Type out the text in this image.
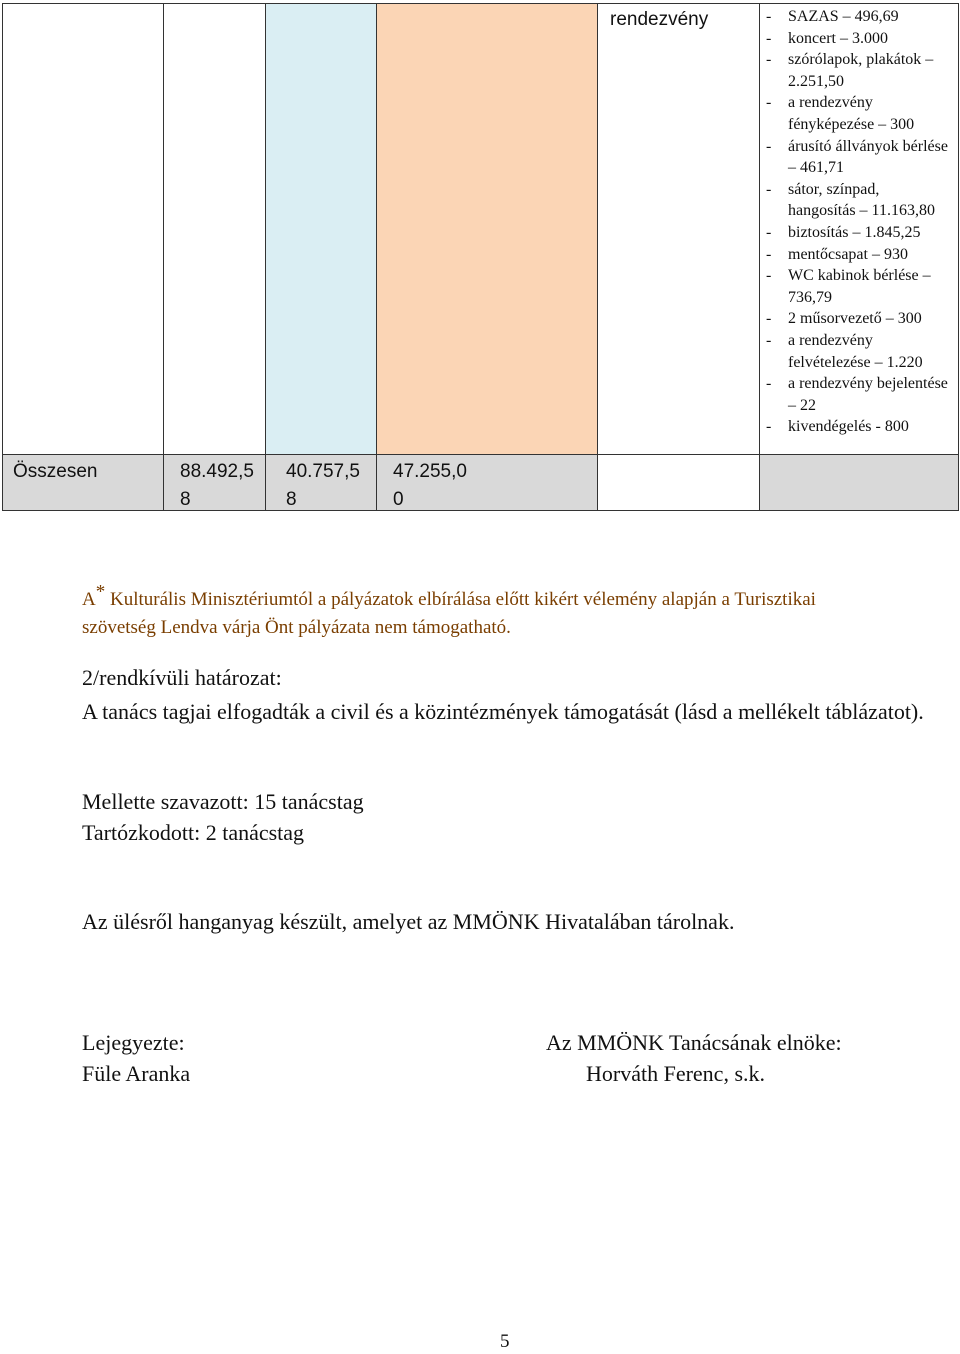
rendezvény
-	SAZAS – 496,69
- koncert – 3.000
- szórólapok, plakátok – 2.251,50
- a rendezvény fényképezése – 300
- árusító állványok bérlése – 461,71
- sátor, színpad, hangosítás – 11.163,80
- biztosítás – 1.845,25
- mentőcsapat – 930
- WC kabinok bérlése – 736,79
- 2 műsorvezető – 300
- a rendezvény felvételezése – 1.220
- a rendezvény bejelentése – 22
- kivendégelés - 800
Összesen	88.492,58
40.757,58
47.255,00
A* Kulturális Minisztériumtól a pályázatok elbírálása előtt kikért vélemény alapján a Turisztikai szövetség Lendva várja Önt pályázata nem támogatható.
2/rendkívüli határozat:
A tanács tagjai elfogadták a civil és a közintézmények támogatását (lásd a mellékelt táblázatot).
Mellette szavazott: 15 tanácstag
Tartózkodott: 2 tanácstag
Az ülésről hanganyag készült, amelyet az MMÖNK Hivatalában tárolnak.
Lejegyezte:
Füle Aranka
Az MMÖNK Tanácsának elnöke:
Horváth Ferenc, s.k.
5
